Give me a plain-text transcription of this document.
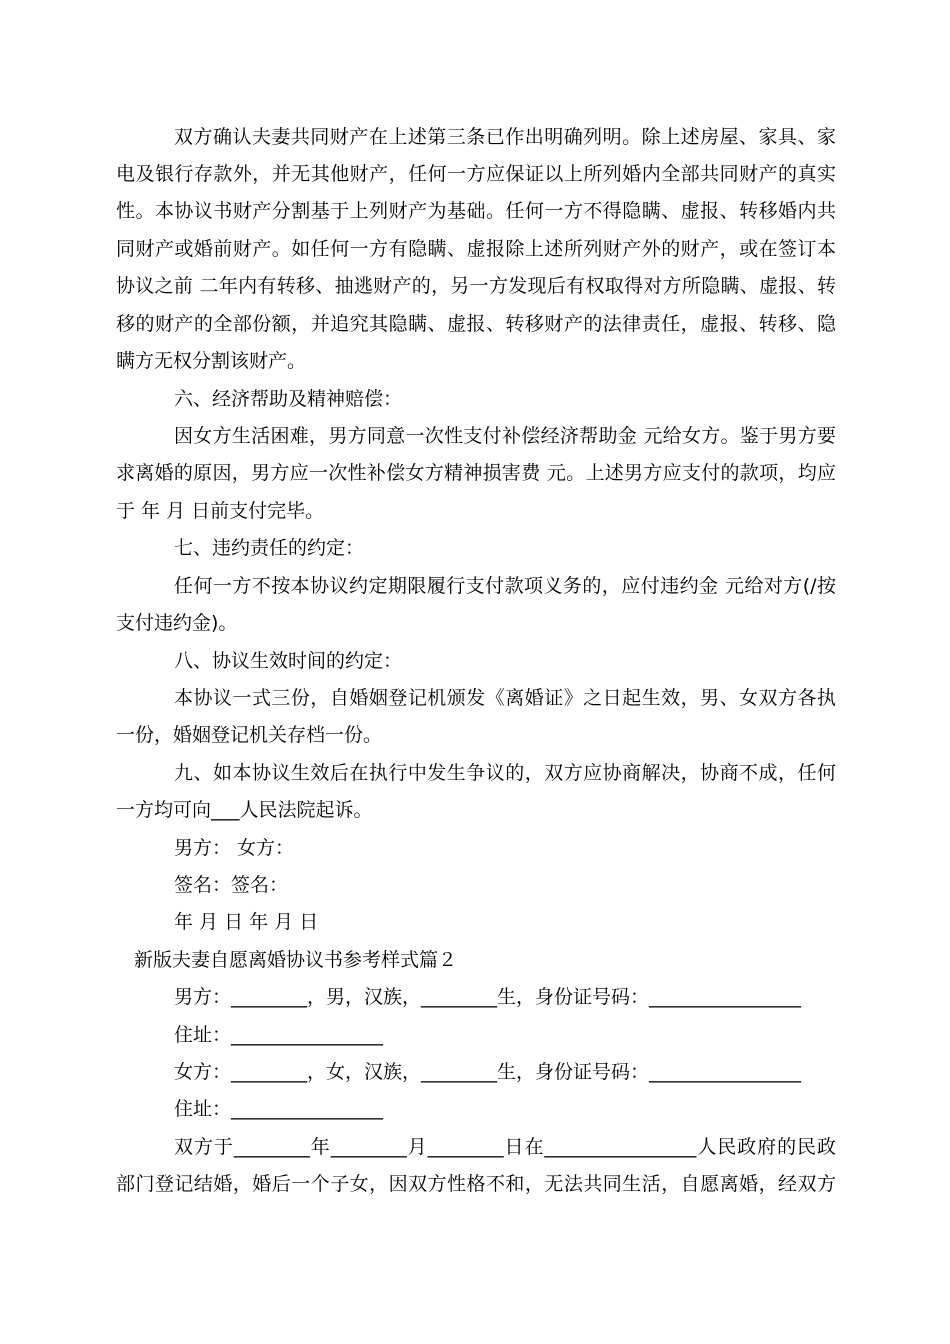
双方确认夫妻共同财产在上述第三条已作出明确列明。除上述房屋、家具、家
电及银行存款外，并无其他财产，任何一方应保证以上所列婚内全部共同财产的真实
性。本协议书财产分割基于上列财产为基础。任何一方不得隐瞒、虚报、转移婚内共
同财产或婚前财产。如任何一方有隐瞒、虚报除上述所列财产外的财产，或在签订本
协议之前 二年内有转移、抽逃财产的，另一方发现后有权取得对方所隐瞒、虚报、转
移的财产的全部份额，并追究其隐瞒、虚报、转移财产的法律责任，虚报、转移、隐
瞒方无权分割该财产。
六、经济帮助及精神赔偿：
因女方生活困难，男方同意一次性支付补偿经济帮助金 元给女方。鉴于男方要
求离婚的原因，男方应一次性补偿女方精神损害费 元。上述男方应支付的款项，均应
于 年 月 日前支付完毕。
七、违约责任的约定：
任何一方不按本协议约定期限履行支付款项义务的，应付违约金 元给对方(/按
支付违约金)。
八、协议生效时间的约定：
本协议一式三份，自婚姻登记机颁发《离婚证》之日起生效，男、女双方各执
一份，婚姻登记机关存档一份。
九、如本协议生效后在执行中发生争议的，双方应协商解决，协商不成，任何
一方均可向___人民法院起诉。
男方： 女方：
签名：签名：
年 月 日 年 月 日
新版夫妻自愿离婚协议书参考样式篇２
男方：________，男，汉族，________生，身份证号码：________________
住址：________________
女方：________，女，汉族，________生，身份证号码：________________
住址：________________
双方于________年________月________日在________________人民政府的民政
部门登记结婚，婚后一个子女，因双方性格不和，无法共同生活，自愿离婚，经双方
